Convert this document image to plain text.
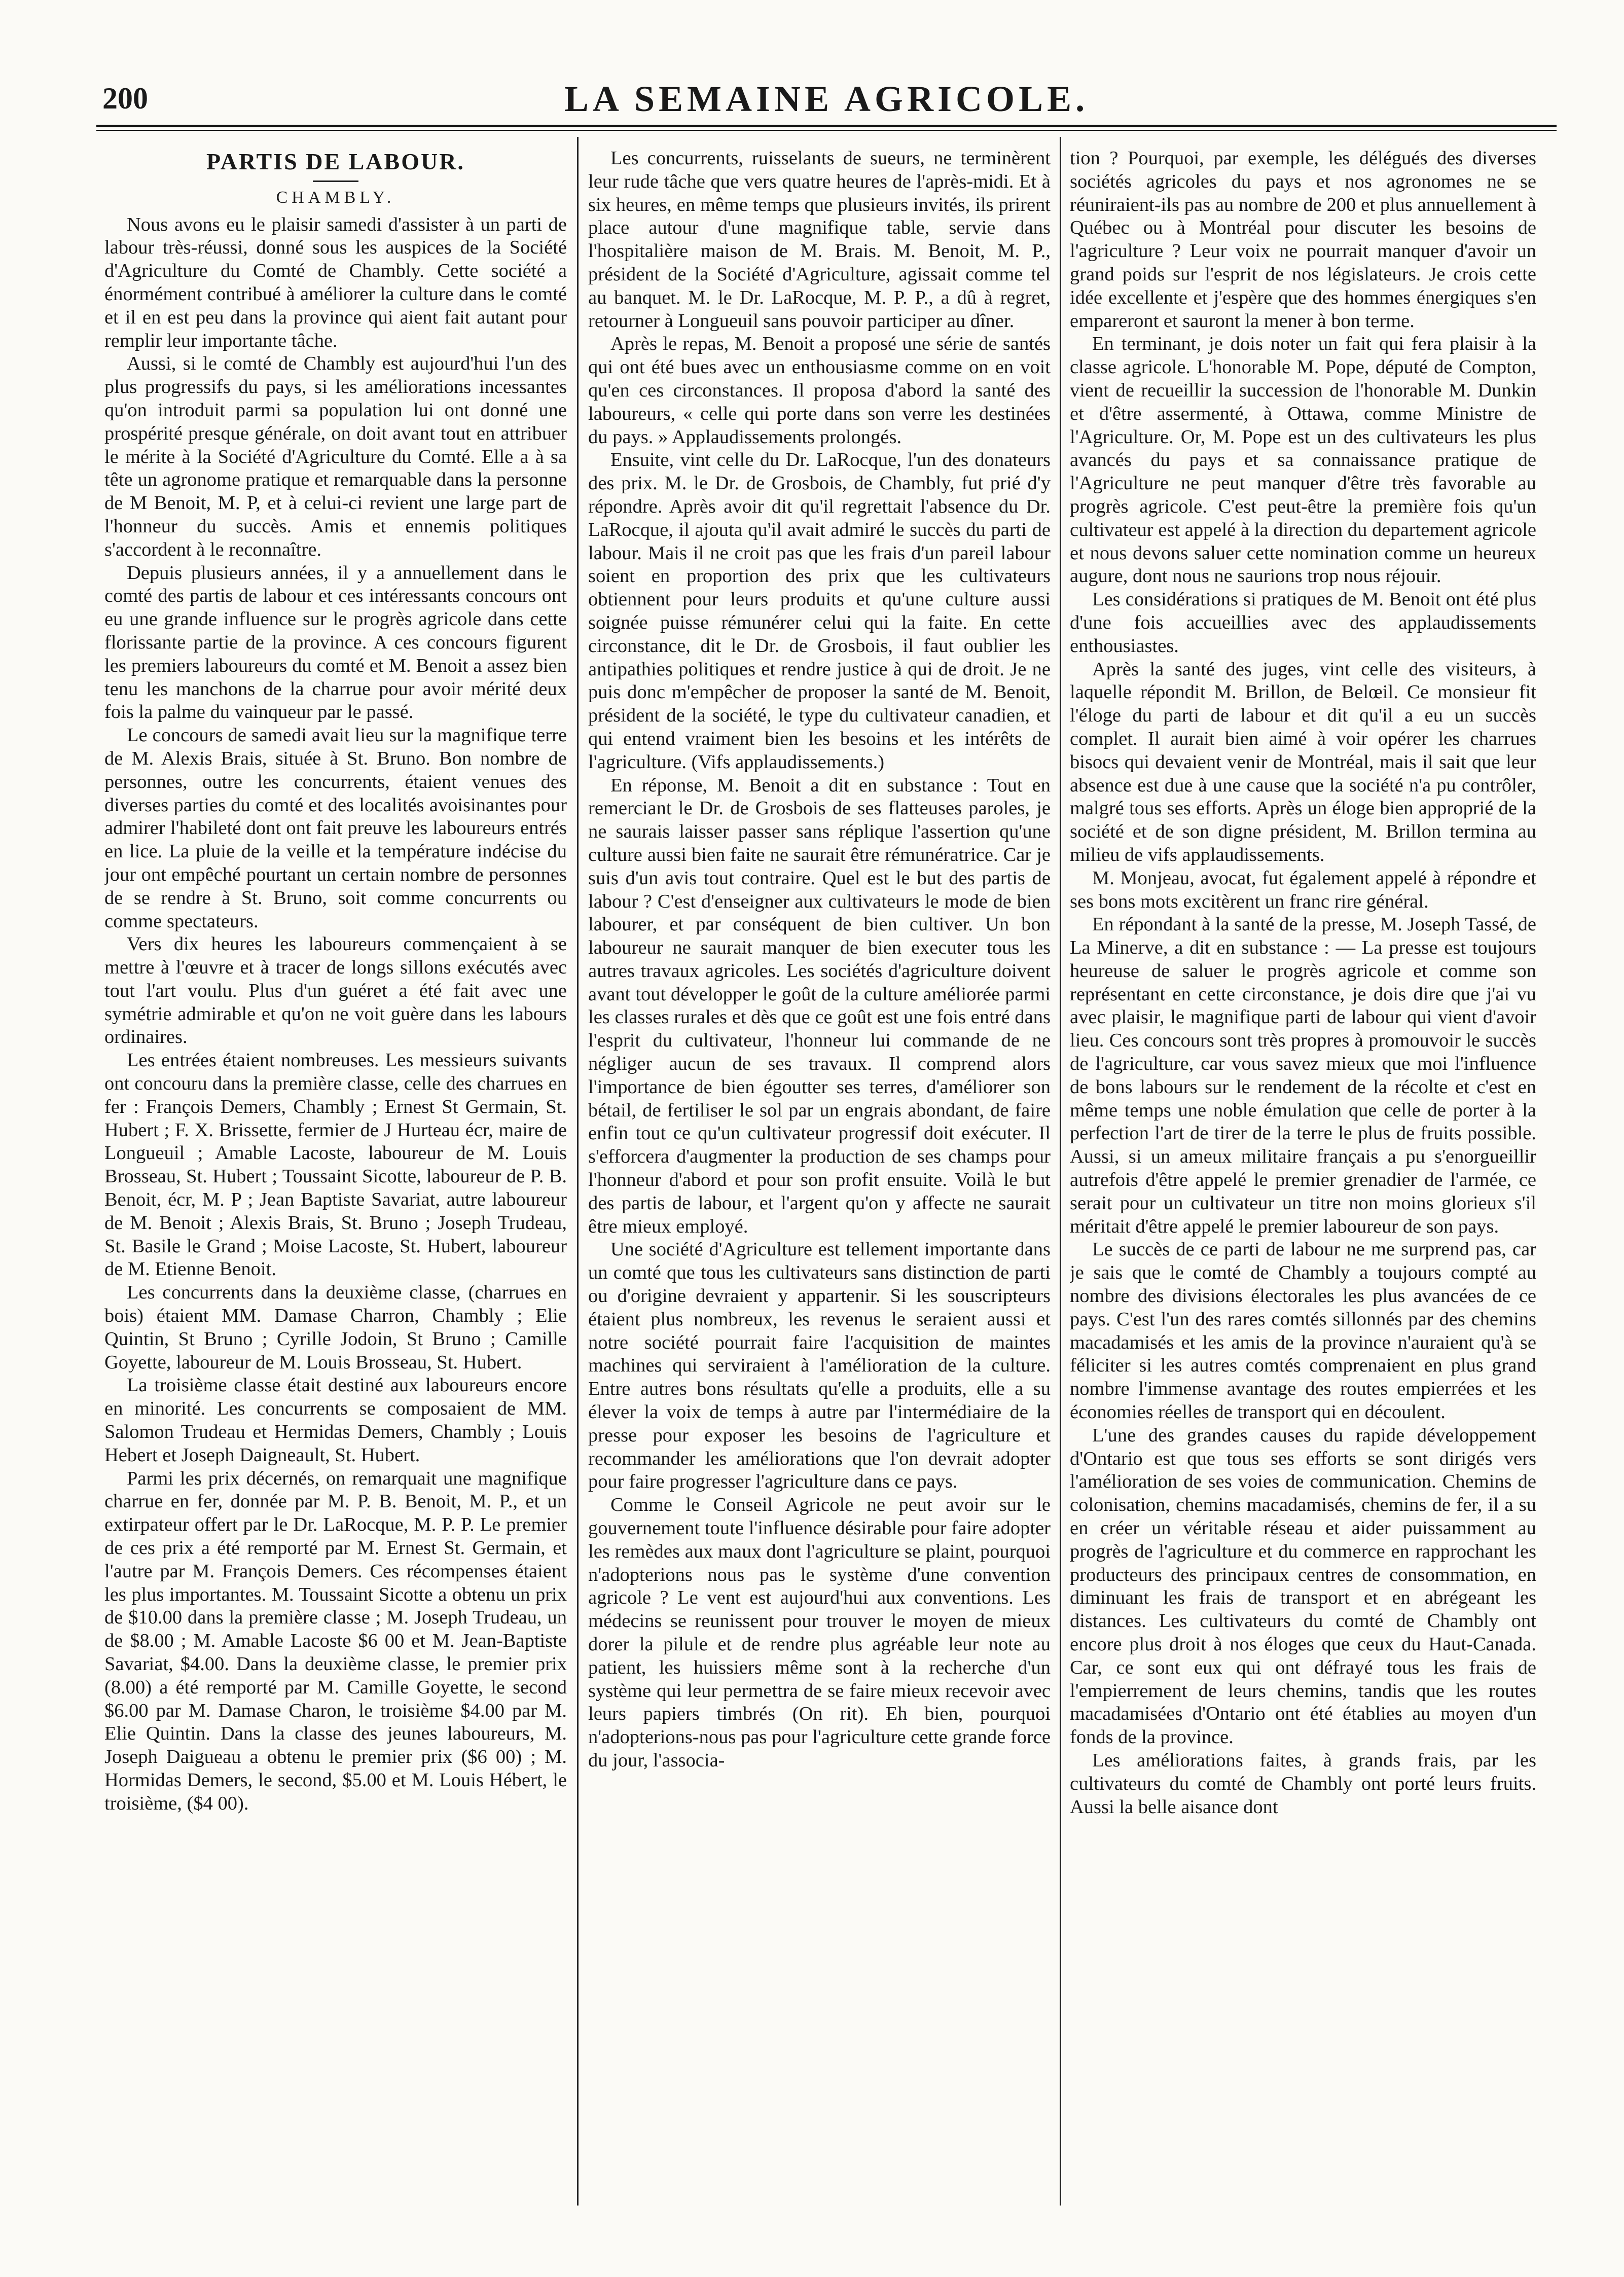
200	LA SEMAINE AGRICOLE.
PARTIS DE LABOUR.
CHAMBLY.

Nous avons eu le plaisir samedi d'assister à un parti de labour très-réussi, donné sous les auspices de la Société d'Agriculture du Comté de Chambly. Cette société a énormément contribué à améliorer la culture dans le comté et il en est peu dans la province qui aient fait autant pour remplir leur importante tâche.

Aussi, si le comté de Chambly est aujourd'hui l'un des plus progressifs du pays, si les améliorations incessantes qu'on introduit parmi sa population lui ont donné une prospérité presque générale, on doit avant tout en attribuer le mérite à la Société d'Agriculture du Comté. Elle a à sa tête un agronome pratique et remarquable dans la personne de M Benoit, M. P, et à celui-ci revient une large part de l'honneur du succès. Amis et ennemis politiques s'accordent à le reconnaître.

Depuis plusieurs années, il y a annuellement dans le comté des partis de labour et ces intéressants concours ont eu une grande influence sur le progrès agricole dans cette florissante partie de la province. A ces concours figurent les premiers laboureurs du comté et M. Benoit a assez bien tenu les manchons de la charrue pour avoir mérité deux fois la palme du vainqueur par le passé.

Le concours de samedi avait lieu sur la magnifique terre de M. Alexis Brais, située à St. Bruno. Bon nombre de personnes, outre les concurrents, étaient venues des diverses parties du comté et des localités avoisinantes pour admirer l'habileté dont ont fait preuve les laboureurs entrés en lice. La pluie de la veille et la température indécise du jour ont empêché pourtant un certain nombre de personnes de se rendre à St. Bruno, soit comme concurrents ou comme spectateurs.

Vers dix heures les laboureurs commençaient à se mettre à l'œuvre et à tracer de longs sillons exécutés avec tout l'art voulu. Plus d'un guéret a été fait avec une symétrie admirable et qu'on ne voit guère dans les labours ordinaires.

Les entrées étaient nombreuses. Les messieurs suivants ont concouru dans la première classe, celle des charrues en fer : François Demers, Chambly ; Ernest St Germain, St. Hubert ; F. X. Brissette, fermier de J Hurteau écr, maire de Longueuil ; Amable Lacoste, laboureur de M. Louis Brosseau, St. Hubert ; Toussaint Sicotte, laboureur de P. B. Benoit, écr, M. P ; Jean Baptiste Savariat, autre laboureur de M. Benoit ; Alexis Brais, St. Bruno ; Joseph Trudeau, St. Basile le Grand ; Moise Lacoste, St. Hubert, laboureur de M. Etienne Benoit.

Les concurrents dans la deuxième classe, (charrues en bois) étaient MM. Damase Charron, Chambly ; Elie Quintin, St Bruno ; Cyrille Jodoin, St Bruno ; Camille Goyette, laboureur de M. Louis Brosseau, St. Hubert.

La troisième classe était destiné aux laboureurs encore en minorité. Les concurrents se composaient de MM. Salomon Trudeau et Hermidas Demers, Chambly ; Louis Hebert et Joseph Daigneault, St. Hubert.

Parmi les prix décernés, on remarquait une magnifique charrue en fer, donnée par M. P. B. Benoit, M. P., et un extirpateur offert par le Dr. LaRocque, M. P. P. Le premier de ces prix a été remporté par M. Ernest St. Germain, et l'autre par M. François Demers. Ces récompenses étaient les plus importantes. M. Toussaint Sicotte a obtenu un prix de $10.00 dans la première classe ; M. Joseph Trudeau, un de $8.00 ; M. Amable Lacoste $6 00 et M. Jean-Baptiste Savariat, $4.00. Dans la deuxième classe, le premier prix (8.00) a été remporté par M. Camille Goyette, le second $6.00 par M. Damase Charon, le troisième $4.00 par M. Elie Quintin. Dans la classe des jeunes laboureurs, M. Joseph Daigueau a obtenu le premier prix ($6 00) ; M. Hormidas Demers, le second, $5.00 et M. Louis Hébert, le troisième, ($4 00).

Les concurrents, ruisselants de sueurs, ne terminèrent leur rude tâche que vers quatre heures de l'après-midi. Et à six heures, en même temps que plusieurs invités, ils prirent place autour d'une magnifique table, servie dans l'hospitalière maison de M. Brais. M. Benoit, M. P., président de la Société d'Agriculture, agissait comme tel au banquet. M. le Dr. LaRocque, M. P. P., a dû à regret, retourner à Longueuil sans pouvoir participer au dîner.

Après le repas, M. Benoit a proposé une série de santés qui ont été bues avec un enthousiasme comme on en voit qu'en ces circonstances. Il proposa d'abord la santé des laboureurs, « celle qui porte dans son verre les destinées du pays. » Applaudissements prolongés.

Ensuite, vint celle du Dr. LaRocque, l'un des donateurs des prix. M. le Dr. de Grosbois, de Chambly, fut prié d'y répondre. Après avoir dit qu'il regrettait l'absence du Dr. LaRocque, il ajouta qu'il avait admiré le succès du parti de labour. Mais il ne croit pas que les frais d'un pareil labour soient en proportion des prix que les cultivateurs obtiennent pour leurs produits et qu'une culture aussi soignée puisse rémunérer celui qui la faite. En cette circonstance, dit le Dr. de Grosbois, il faut oublier les antipathies politiques et rendre justice à qui de droit. Je ne puis donc m'empêcher de proposer la santé de M. Benoit, président de la société, le type du cultivateur canadien, et qui entend vraiment bien les besoins et les intérêts de l'agriculture. (Vifs applaudissements.)

En réponse, M. Benoit a dit en substance : Tout en remerciant le Dr. de Grosbois de ses flatteuses paroles, je ne saurais laisser passer sans réplique l'assertion qu'une culture aussi bien faite ne saurait être rémunératrice. Car je suis d'un avis tout contraire. Quel est le but des partis de labour ? C'est d'enseigner aux cultivateurs le mode de bien labourer, et par conséquent de bien cultiver. Un bon laboureur ne saurait manquer de bien executer tous les autres travaux agricoles. Les sociétés d'agriculture doivent avant tout développer le goût de la culture améliorée parmi les classes rurales et dès que ce goût est une fois entré dans l'esprit du cultivateur, l'honneur lui commande de ne négliger aucun de ses travaux. Il comprend alors l'importance de bien égoutter ses terres, d'améliorer son bétail, de fertiliser le sol par un engrais abondant, de faire enfin tout ce qu'un cultivateur progressif doit exécuter. Il s'efforcera d'augmenter la production de ses champs pour l'honneur d'abord et pour son profit ensuite. Voilà le but des partis de labour, et l'argent qu'on y affecte ne saurait être mieux employé.

Une société d'Agriculture est tellement importante dans un comté que tous les cultivateurs sans distinction de parti ou d'origine devraient y appartenir. Si les souscripteurs étaient plus nombreux, les revenus le seraient aussi et notre société pourrait faire l'acquisition de maintes machines qui serviraient à l'amélioration de la culture. Entre autres bons résultats qu'elle a produits, elle a su élever la voix de temps à autre par l'intermédiaire de la presse pour exposer les besoins de l'agriculture et recommander les améliorations que l'on devrait adopter pour faire progresser l'agriculture dans ce pays.

Comme le Conseil Agricole ne peut avoir sur le gouvernement toute l'influence désirable pour faire adopter les remèdes aux maux dont l'agriculture se plaint, pourquoi n'adopterions nous pas le système d'une convention agricole ? Le vent est aujourd'hui aux conventions. Les médecins se reunissent pour trouver le moyen de mieux dorer la pilule et de rendre plus agréable leur note au patient, les huissiers même sont à la recherche d'un système qui leur permettra de se faire mieux recevoir avec leurs papiers timbrés (On rit). Eh bien, pourquoi n'adopterions-nous pas pour l'agriculture cette grande force du jour, l'associa-

tion ? Pourquoi, par exemple, les délégués des diverses sociétés agricoles du pays et nos agronomes ne se réuniraient-ils pas au nombre de 200 et plus annuellement à Québec ou à Montréal pour discuter les besoins de l'agriculture ? Leur voix ne pourrait manquer d'avoir un grand poids sur l'esprit de nos législateurs. Je crois cette idée excellente et j'espère que des hommes énergiques s'en empareront et sauront la mener à bon terme.

En terminant, je dois noter un fait qui fera plaisir à la classe agricole. L'honorable M. Pope, député de Compton, vient de recueillir la succession de l'honorable M. Dunkin et d'être assermenté, à Ottawa, comme Ministre de l'Agriculture. Or, M. Pope est un des cultivateurs les plus avancés du pays et sa connaissance pratique de l'Agriculture ne peut manquer d'être très favorable au progrès agricole. C'est peut-être la première fois qu'un cultivateur est appelé à la direction du departement agricole et nous devons saluer cette nomination comme un heureux augure, dont nous ne saurions trop nous réjouir.

Les considérations si pratiques de M. Benoit ont été plus d'une fois accueillies avec des applaudissements enthousiastes.

Après la santé des juges, vint celle des visiteurs, à laquelle répondit M. Brillon, de Belœil. Ce monsieur fit l'éloge du parti de labour et dit qu'il a eu un succès complet. Il aurait bien aimé à voir opérer les charrues bisocs qui devaient venir de Montréal, mais il sait que leur absence est due à une cause que la société n'a pu contrôler, malgré tous ses efforts. Après un éloge bien approprié de la société et de son digne président, M. Brillon termina au milieu de vifs applaudissements.

M. Monjeau, avocat, fut également appelé à répondre et ses bons mots excitèrent un franc rire général.

En répondant à la santé de la presse, M. Joseph Tassé, de La Minerve, a dit en substance : — La presse est toujours heureuse de saluer le progrès agricole et comme son représentant en cette circonstance, je dois dire que j'ai vu avec plaisir, le magnifique parti de labour qui vient d'avoir lieu. Ces concours sont très propres à promouvoir le succès de l'agriculture, car vous savez mieux que moi l'influence de bons labours sur le rendement de la récolte et c'est en même temps une noble émulation que celle de porter à la perfection l'art de tirer de la terre le plus de fruits possible. Aussi, si un ameux militaire français a pu s'enorgueillir autrefois d'être appelé le premier grenadier de l'armée, ce serait pour un cultivateur un titre non moins glorieux s'il méritait d'être appelé le premier laboureur de son pays.

Le succès de ce parti de labour ne me surprend pas, car je sais que le comté de Chambly a toujours compté au nombre des divisions électorales les plus avancées de ce pays. C'est l'un des rares comtés sillonnés par des chemins macadamisés et les amis de la province n'auraient qu'à se féliciter si les autres comtés comprenaient en plus grand nombre l'immense avantage des routes empierrées et les économies réelles de transport qui en découlent.

L'une des grandes causes du rapide développement d'Ontario est que tous ses efforts se sont dirigés vers l'amélioration de ses voies de communication. Chemins de colonisation, chemins macadamisés, chemins de fer, il a su en créer un véritable réseau et aider puissamment au progrès de l'agriculture et du commerce en rapprochant les producteurs des principaux centres de consommation, en diminuant les frais de transport et en abrégeant les distances. Les cultivateurs du comté de Chambly ont encore plus droit à nos éloges que ceux du Haut-Canada. Car, ce sont eux qui ont défrayé tous les frais de l'empierrement de leurs chemins, tandis que les routes macadamisées d'Ontario ont été établies au moyen d'un fonds de la province.

Les améliorations faites, à grands frais, par les cultivateurs du comté de Chambly ont porté leurs fruits. Aussi la belle aisance dont
